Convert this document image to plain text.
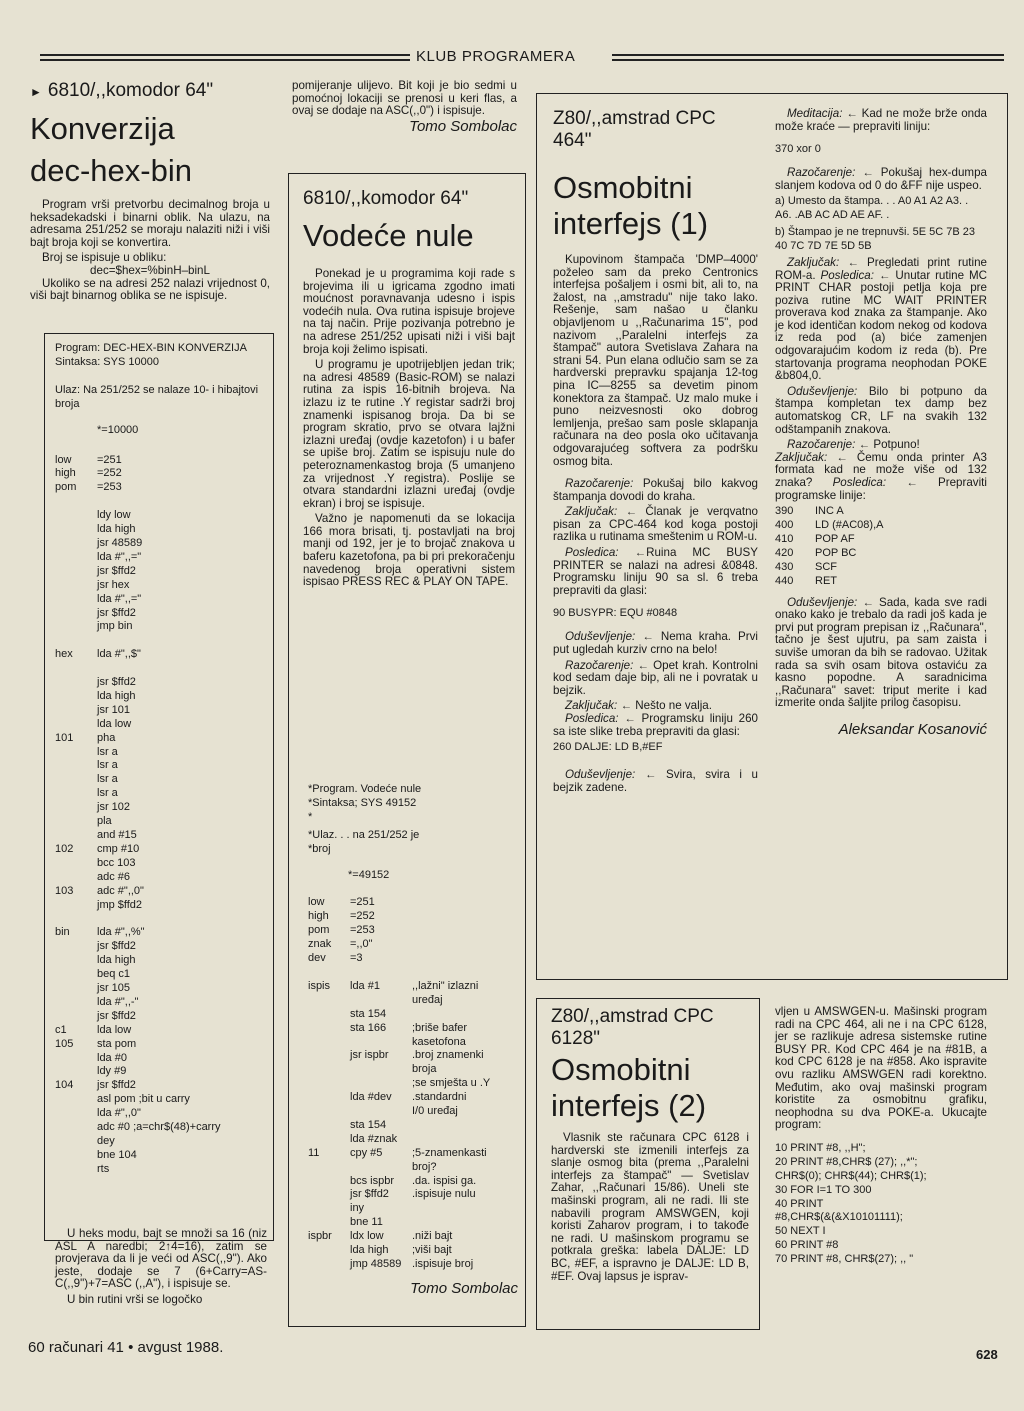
KLUB PROGRAMERA
► 6810/,,komodor 64"
Konverzija
dec-hex-bin

Program vrši pretvorbu decimalnog broja u heksadekadski i binarni oblik. Na ulazu, na adresama 251/252 se moraju nalaziti niži i viši bajt broja koji se konvertira.

Broj se ispisuje u obliku:

dec=$hex=%binH–binL

Ukoliko se na adresi 252 nalazi vrijednost 0, viši bajt binarnog oblika se ne ispisuje.

Program: DEC-HEX-BIN KONVERZIJA
Sintaksa: SYS 10000
Ulaz: Na 251/252 se nalaze 10- i hibajtovi broja
*=10000
low	=251
high	=252
pom	=253

ldy low
lda high
jsr 48589
lda #",,="
jsr $ffd2
jsr hex
lda #",,="
jsr $ffd2
jmp bin

hex	lda #",,$"

jsr $ffd2
lda high
jsr 101
lda low
101	pha
lsr a
lsr a
lsr a
lsr a
jsr 102
pla
and #15
102	cmp #10
bcc 103
adc #6
103	adc #",,0"
jmp $ffd2

bin	lda #",,%"
jsr $ffd2
lda high
beq c1
jsr 105
lda #",,-"
jsr $ffd2
c1	lda low
105	sta pom
lda #0
ldy #9
104	jsr $ffd2
asl pom ;bit u carry
lda #",,0"
adc #0 ;a=chr$(48)+carry
dey
bne 104
rts

U heks modu, bajt se množi sa 16 (niz ASL A naredbi; 2↑4=16), zatim se provjerava da li je veći od ASC(,,9"). Ako jeste, dodaje se 7 (6+Carry=AS-C(,,9")+7=ASC (,,A"), i ispisuje se.

U bin rutini vrši se logočko

pomijeranje ulijevo. Bit koji je bio sedmi u pomoćnoj lokaciji se prenosi u keri flas, a ovaj se dodaje na ASC(,,0") i ispisuje.

Tomo Sombolac
6810/,,komodor 64"
Vodeće nule

Ponekad je u programima koji rade s brojevima ili u igricama zgodno imati moućnost poravnavanja udesno i ispis vodećih nula. Ova rutina ispisuje brojeve na taj način. Prije pozivanja potrebno je na adrese 251/252 upisati niži i viši bajt broja koji želimo ispisati.

U programu je upotrijebljen jedan trik; na adresi 48589 (Basic-ROM) se nalazi rutina za ispis 16-bitnih brojeva. Na izlazu iz te rutine .Y registar sadrži broj znamenki ispisanog broja. Da bi se program skratio, prvo se otvara lajžni izlazni uređaj (ovdje kazetofon) i u bafer se upiše broj. Zatim se ispisuju nule do peteroznamenkastog broja (5 umanjeno za vrijednost .Y registra). Poslije se otvara standardni izlazni uređaj (ovdje ekran) i broj se ispisuje.

Važno je napomenuti da se lokacija 166 mora brisati, tj. postavljati na broj manji od 192, jer je to brojač znakova u baferu kazetofona, pa bi pri prekoračenju navedenog broja operativni sistem ispisao PRESS REC & PLAY ON TAPE.

*Program. Vodeće nule
*Sintaksa; SYS 49152
*
*Ulaz. . . na 251/252 je
*broj
*=49152
low	=251
high	=252
pom	=253
znak	=,,0"
dev	=3

ispis	lda #1	,,lažni" izlazni
uređaj
sta 154
sta 166	;briše bafer
kasetofona
jsr ispbr	.broj znamenki
broja
;se smješta u .Y
lda #dev	.standardni
I/0 uređaj
sta 154
lda #znak
11	cpy #5	;5-znamenkasti
broj?
bcs ispbr	.da. ispisi ga.
jsr $ffd2	.ispisuje nulu
iny
bne 11
ispbr	ldx low	.niži bajt
lda high	;viši bajt
jmp 48589 .ispisuje broj
Tomo Sombolac
Z80/,,amstrad CPC 464"
Osmobitni
interfejs (1)

Kupovinom štampača 'DMP–4000' poželeo sam da preko Centronics interfejsa pošaljem i osmi bit, ali to, na žalost, na ,,amstradu" nije tako lako. Rešenje, sam našao u članku objavljenom u ,,Računarima 15", pod nazivom ,,Paralelni interfejs za štampač" autora Svetislava Zahara na strani 54. Pun elana odlučio sam se za hardverski prepravku spajanja 12-tog pina IC—8255 sa devetim pinom konektora za štampač. Uz malo muke i puno neizvesnosti oko dobrog lemljenja, prešao sam posle sklapanja računara na deo posla oko učitavanja odgovarajućeg softvera za podršku osmog bita.

Razočarenje: Pokušaj bilo kakvog štampanja dovodi do kraha.

Zaključak: ← Članak je verqvatno pisan za CPC-464 kod koga postoji razlika u rutinama smeštenim u ROM-u.

Posledica: ←Ruina MC BUSY PRINTER se nalazi na adresi &0848. Programsku liniju 90 sa sl. 6 treba prepraviti da glasi:

90 BUSYPR: EQU #0848

Oduševljenje: ← Nema kraha. Prvi put ugledah kurziv crno na belo!

Razočarenje: ← Opet krah. Kontrolni kod sedam daje bip, ali ne i povratak u bejzik.

Zaključak: ← Nešto ne valja.

Posledica: ← Programsku liniju 260 sa iste slike treba prepraviti da glasi:

260 DALJE: LD B,#EF

Oduševljenje: ← Svira, svira i u bejzik zadene.

Meditacija: ← Kad ne može brže onda može kraće — prepraviti liniju:

370 xor 0

Razočarenje: ← Pokušaj hex-dumpa slanjem kodova od 0 do &FF nije uspeo.

a) Umesto da štampa. . . A0 A1 A2 A3. . A6. .AB AC AD AE AF. .

b) Štampao je ne trepnuvši. 5E 5C 7B 23 40 7C 7D 7E 5D 5B

Zaključak: ← Pregledati print rutine ROM-a. Posledica: ← Unutar rutine MC PRINT CHAR postoji petlja koja pre poziva rutine MC WAIT PRINTER proverava kod znaka za štampanje. Ako je kod identičan kodom nekog od kodova iz reda pod (a) biće zamenjen odgovarajućim kodom iz reda (b). Pre startovanja programa neophodan POKE &b804,0.

Oduševljenje: Bilo bi potpuno da štampa kompletan tex damp bez automatskog CR, LF na svakih 132 odštampanih znakova.

Razočarenje: ← Potpuno!

Zaključak: ← Čemu onda printer A3 formata kad ne može više od 132 znaka? Posledica: ← Prepraviti programske linije:

390	INC A
400	LD (#AC08),A
410	POP AF
420	POP BC
430	SCF
440	RET

Oduševljenje: ← Sada, kada sve radi onako kako je trebalo da radi još kada je prvi put program prepisan iz ,,Računara", tačno je šest ujutru, pa sam zaista i suviše umoran da bih se radovao. Užitak rada sa svih osam bitova ostaviću za kasno popodne. A saradnicima ,,Računara" savet: triput merite i kad izmerite onda šaljite prilog časopisu.

Aleksandar Kosanović
Z80/,,amstrad CPC
6128"
Osmobitni
interfejs (2)

Vlasnik ste računara CPC 6128 i hardverski ste izmenili interfejs za slanje osmog bita (prema ,,Paralelni interfejs za štampač" — Svetislav Zahar, ,,Računari 15/86). Uneli ste mašinski program, ali ne radi. Ili ste nabavili program AMSWGEN, koji koristi Zaharov program, i to takođe ne radi. U mašinskom programu se potkrala greška: labela DALJE: LD BC, #EF, a ispravno je DALJE: LD B, #EF. Ovaj lapsus je isprav-

vljen u AMSWGEN-u. Mašinski program radi na CPC 464, ali ne i na CPC 6128, jer se razlikuje adresa sistemske rutine BUSY PR. Kod CPC 464 je na #81B, a kod CPC 6128 je na #858. Ako ispravite ovu razliku AMSWGEN radi korektno. Međutim, ako ovaj mašinski program koristite za osmobitnu grafiku, neophodna su dva POKE-a. Ukucajte program:

10 PRINT #8, ,,H";
20 PRINT #8,CHR$ (27); ,,*";
CHR$(0); CHR$(44); CHR$(1);
30 FOR I=1 TO 300
40 PRINT
#8,CHR$(&(&X10101111);
50 NEXT I
60 PRINT #8
70 PRINT #8, CHR$(27); ,, "
60 računari 41 • avgust 1988.	628
